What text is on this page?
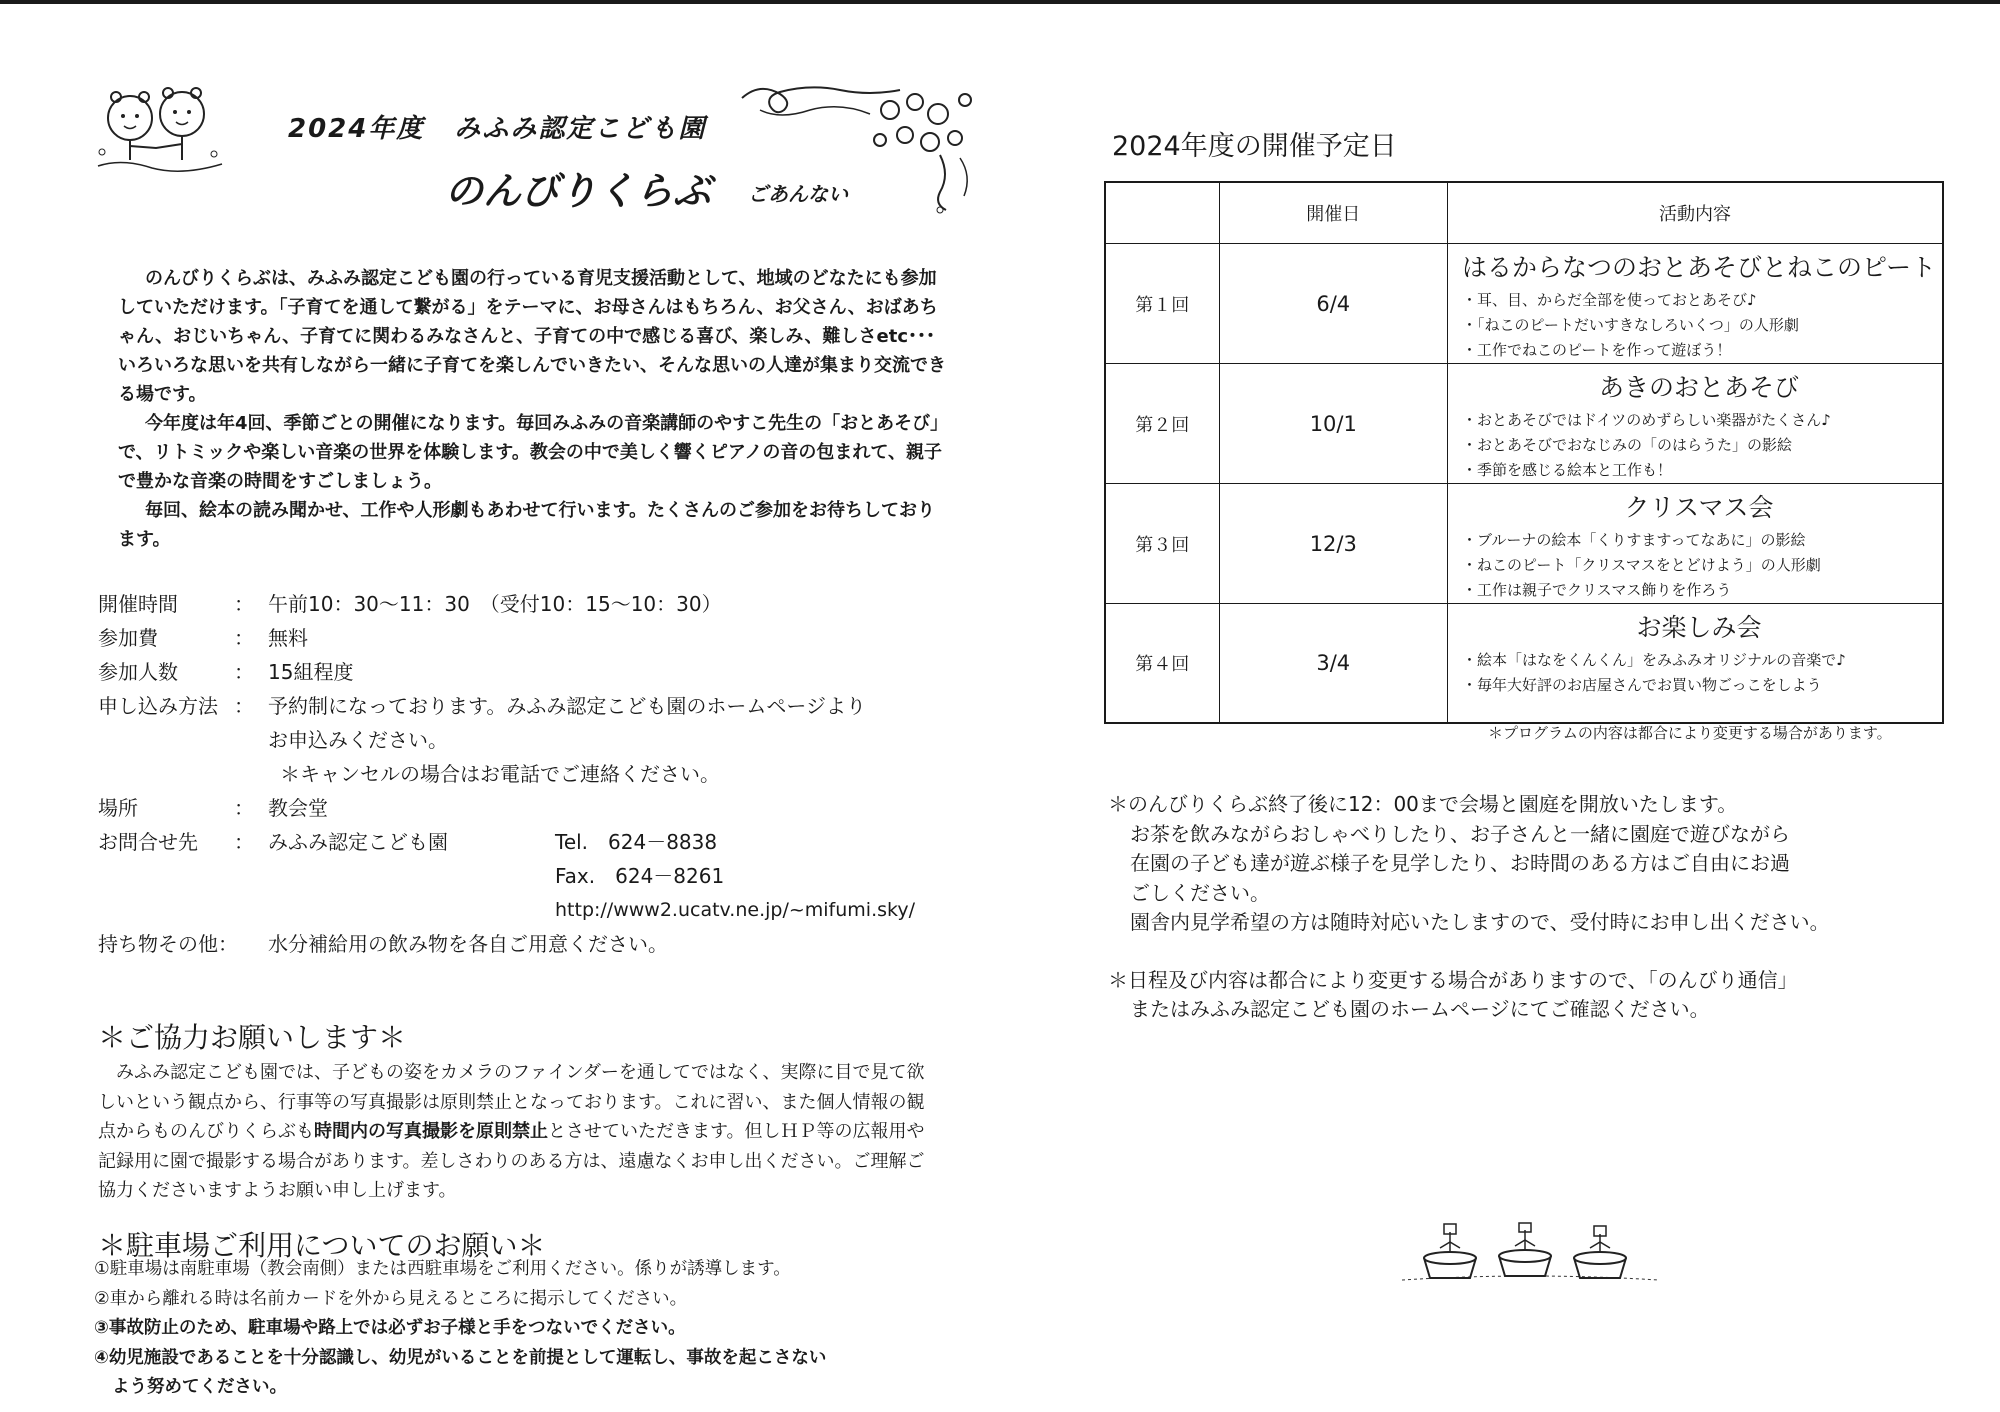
2024年度 みふみ認定こども園
のんびりくらぶ ごあんない

のんびりくらぶは、みふみ認定こども園の行っている育児支援活動として、地域のどなたにも参加していただけます。「子育てを通して繋がる」をテーマに、お母さんはもちろん、お父さん、おばあちゃん、おじいちゃん、子育てに関わるみなさんと、子育ての中で感じる喜び、楽しみ、難しさetc･･･いろいろな思いを共有しながら一緒に子育てを楽しんでいきたい、そんな思いの人達が集まり交流できる場です。

今年度は年4回、季節ごとの開催になります。毎回みふみの音楽講師のやすこ先生の「おとあそび」で、リトミックや楽しい音楽の世界を体験します。教会の中で美しく響くピアノの音の包まれて、親子で豊かな音楽の時間をすごしましょう。

毎回、絵本の読み聞かせ、工作や人形劇もあわせて行います。たくさんのご参加をお待ちしております。

開催時間	： 午前10：30～11：30　（受付10：15～10：30）
参加費	： 無料
参加人数	： 15組程度
申し込み方法 ： 予約制になっております。みふみ認定こども園のホームページより
お申込みください。
＊キャンセルの場合はお電話でご連絡ください。
場所	： 教会堂
お問合せ先	： みふみ認定こども園	Tel.　624－8838
Fax.　624－8261
http://www2.ucatv.ne.jp/~mifumi.sky/
持ち物その他：	水分補給用の飲み物を各自ご用意ください。
＊ご協力お願いします＊

みふみ認定こども園では、子どもの姿をカメラのファインダーを通してではなく、実際に目で見て欲しいという観点から、行事等の写真撮影は原則禁止となっております。これに習い、また個人情報の観点からものんびりくらぶも時間内の写真撮影を原則禁止とさせていただきます。但しＨＰ等の広報用や記録用に園で撮影する場合があります。差しさわりのある方は、遠慮なくお申し出ください。ご理解ご協力くださいますようお願い申し上げます。

＊駐車場ご利用についてのお願い＊
①駐車場は南駐車場（教会南側）または西駐車場をご利用ください。係りが誘導します。
②車から離れる時は名前カードを外から見えるところに掲示してください。
③事故防止のため、駐車場や路上では必ずお子様と手をつないでください。
④幼児施設であることを十分認識し、幼児がいることを前提として運転し、事故を起こさない
よう努めてください。
2024年度の開催予定日
	開催日	活動内容
第１回	6/4	はるからなつのおとあそびとねこのピート
・耳、目、からだ全部を使っておとあそび♪
・「ねこのピートだいすきなしろいくつ」の人形劇
・工作でねこのピートを作って遊ぼう！

第２回	10/1	あきのおとあそび
・おとあそびではドイツのめずらしい楽器がたくさん♪
・おとあそびでおなじみの「のはらうた」の影絵
・季節を感じる絵本と工作も！

第３回	12/3	クリスマス会
・ブルーナの絵本「くりすますってなあに」の影絵
・ねこのピート「クリスマスをとどけよう」の人形劇
・工作は親子でクリスマス飾りを作ろう

第４回	3/4	お楽しみ会
・絵本「はなをくんくん」をみふみオリジナルの音楽で♪
・毎年大好評のお店屋さんでお買い物ごっこをしよう
＊プログラムの内容は都合により変更する場合があります。

＊のんびりくらぶ終了後に12：00まで会場と園庭を開放いたします。

お茶を飲みながらおしゃべりしたり、お子さんと一緒に園庭で遊びながら

在園の子ども達が遊ぶ様子を見学したり、お時間のある方はご自由にお過

ごしください。

園舎内見学希望の方は随時対応いたしますので、受付時にお申し出ください。

＊日程及び内容は都合により変更する場合がありますので、「のんびり通信」

またはみふみ認定こども園のホームページにてご確認ください。
